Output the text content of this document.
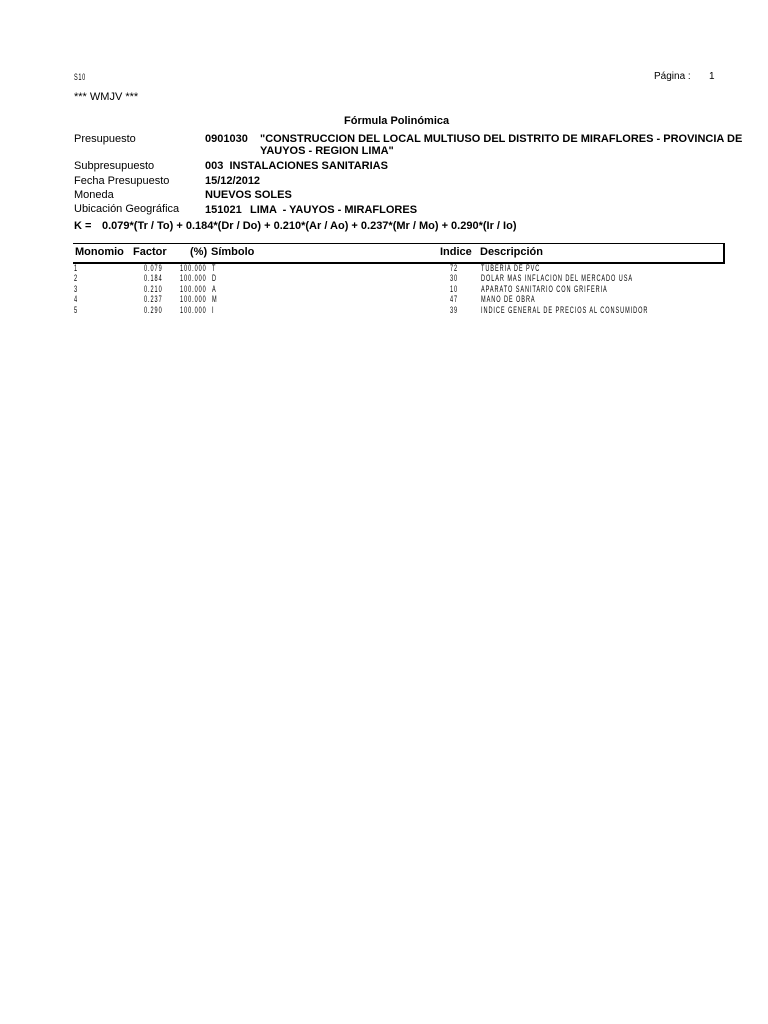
S10	Página : 1
*** WMJV ***
Fórmula Polinómica
Presupuesto	0901030 "CONSTRUCCION DEL LOCAL MULTIUSO DEL DISTRITO DE MIRAFLORES - PROVINCIA DE
YAUYOS - REGION LIMA"
Subpresupuesto	003  INSTALACIONES SANITARIAS
Fecha Presupuesto	15/12/2012
Moneda	NUEVOS SOLES
Ubicación Geográfica 151021 LIMA  - YAUYOS - MIRAFLORES
K = 0.079*(Tr / To) + 0.184*(Dr / Do) + 0.210*(Ar / Ao) + 0.237*(Mr / Mo) + 0.290*(Ir / Io)
Monomio Factor (%) Símbolo	Indice Descripción
1	0.079 100.000 T	72	TUBERIA DE PVC
2	0.184 100.000 D	30	DOLAR MAS INFLACION DEL MERCADO USA
3	0.210 100.000 A	10	APARATO SANITARIO CON GRIFERIA
4	0.237 100.000 M	47	MANO DE OBRA
5	0.290 100.000 I	39	INDICE GENERAL DE PRECIOS AL CONSUMIDOR
